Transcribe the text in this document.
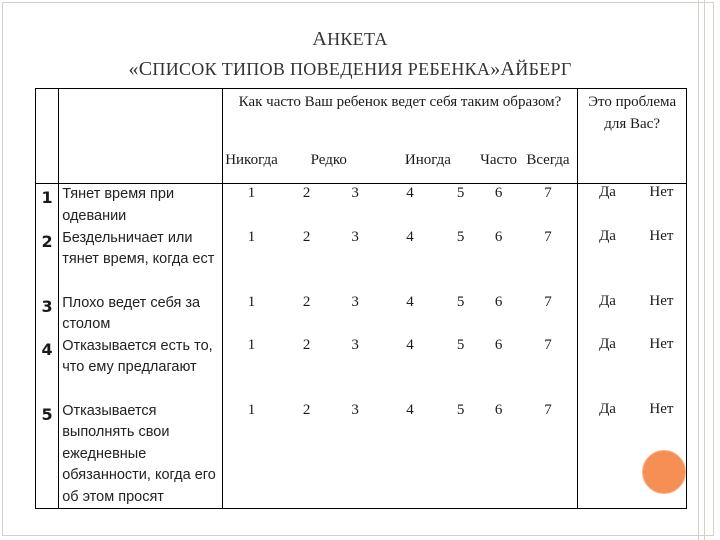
АНКЕТА
«СПИСОК ТИПОВ ПОВЕДЕНИЯ РЕБЕНКА»АЙБЕРГ
		Как часто Ваш ребенок ведет себя таким образом?							Это проблема для Вас?	
		Никогда	Редко		Иногда		Часто	Всегда		
1	Тянет время при одевании	1	2	3	4	5	6	7	Да	Нет
2	Бездельничает или тянет время, когда ест	1	2	3	4	5	6	7	Да	Нет
3	Плохо ведет себя за столом	1	2	3	4	5	6	7	Да	Нет
4	Отказывается есть то, что ему предлагают	1	2	3	4	5	6	7	Да	Нет
5	Отказывается выполнять свои ежедневные обязанности, когда его об этом просят	1	2	3	4	5	6	7	Да	Нет
